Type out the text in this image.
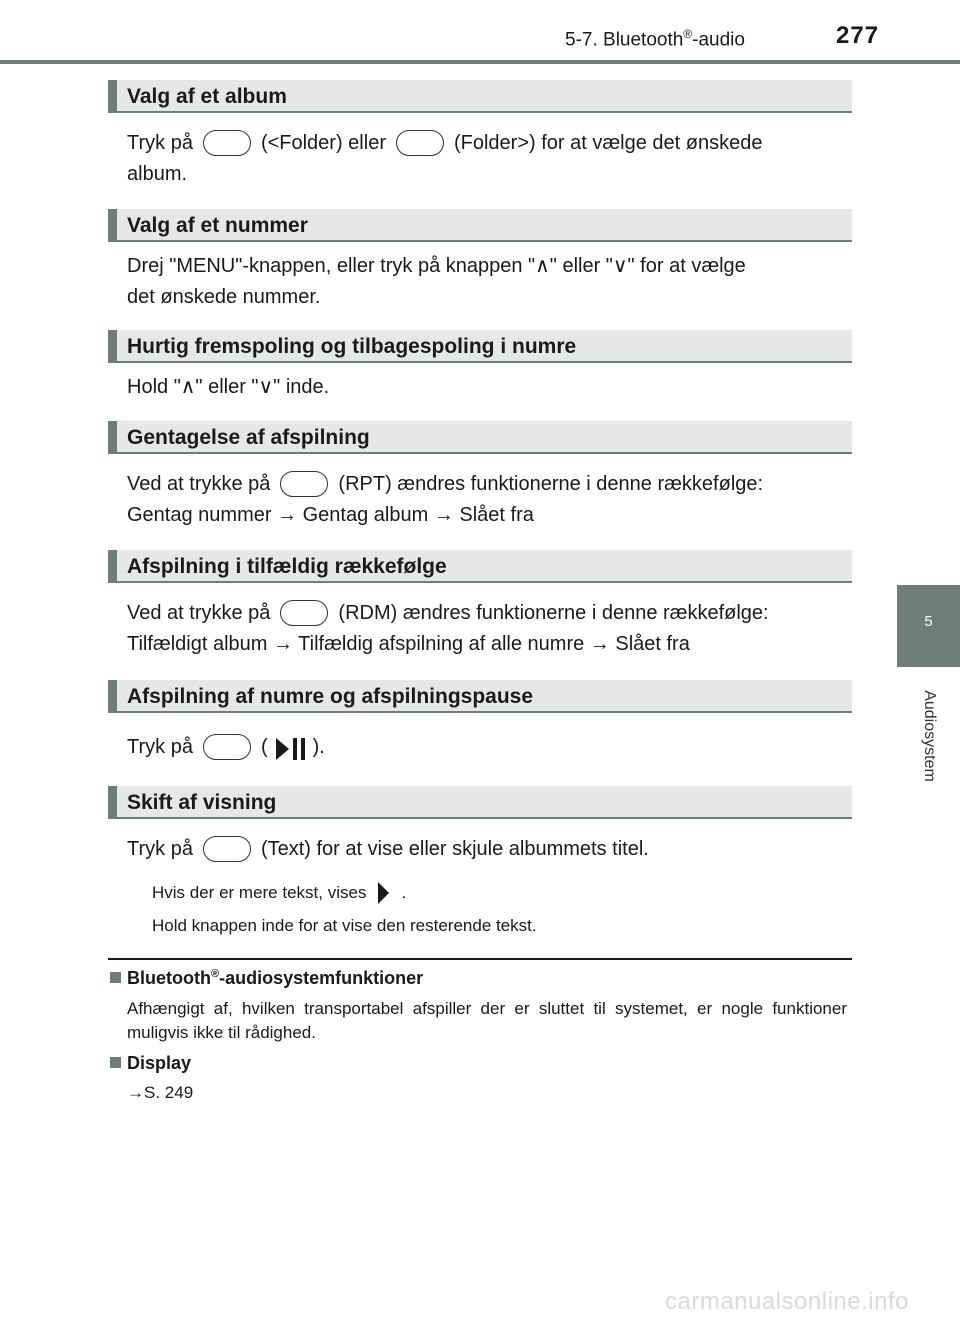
5-7. Bluetooth®-audio	277
5
Audiosystem
Valg af et album
Tryk på	(<Folder) eller	(Folder>) for at vælge det ønskede
album.
Valg af et nummer
Drej "MENU"-knappen, eller tryk på knappen "∧" eller "∨" for at vælge
det ønskede nummer.
Hurtig fremspoling og tilbagespoling i numre
Hold "∧" eller "∨" inde.
Gentagelse af afspilning
Ved at trykke på	(RPT) ændres funktionerne i denne rækkefølge:
Gentag nummer → Gentag album → Slået fra
Afspilning i tilfældig rækkefølge
Ved at trykke på	(RDM) ændres funktionerne i denne rækkefølge:
Tilfældigt album → Tilfældig afspilning af alle numre → Slået fra
Afspilning af numre og afspilningspause
Tryk på	( ).
Skift af visning
Tryk på	(Text) for at vise eller skjule albummets titel.
Hvis der er mere tekst, vises .
Hold knappen inde for at vise den resterende tekst.
Bluetooth®-audiosystemfunktioner
Afhængigt af, hvilken transportabel afspiller der er sluttet til systemet, er nogle funktioner muligvis ikke til rådighed.
Display
→S. 249
carmanualsonline.info
